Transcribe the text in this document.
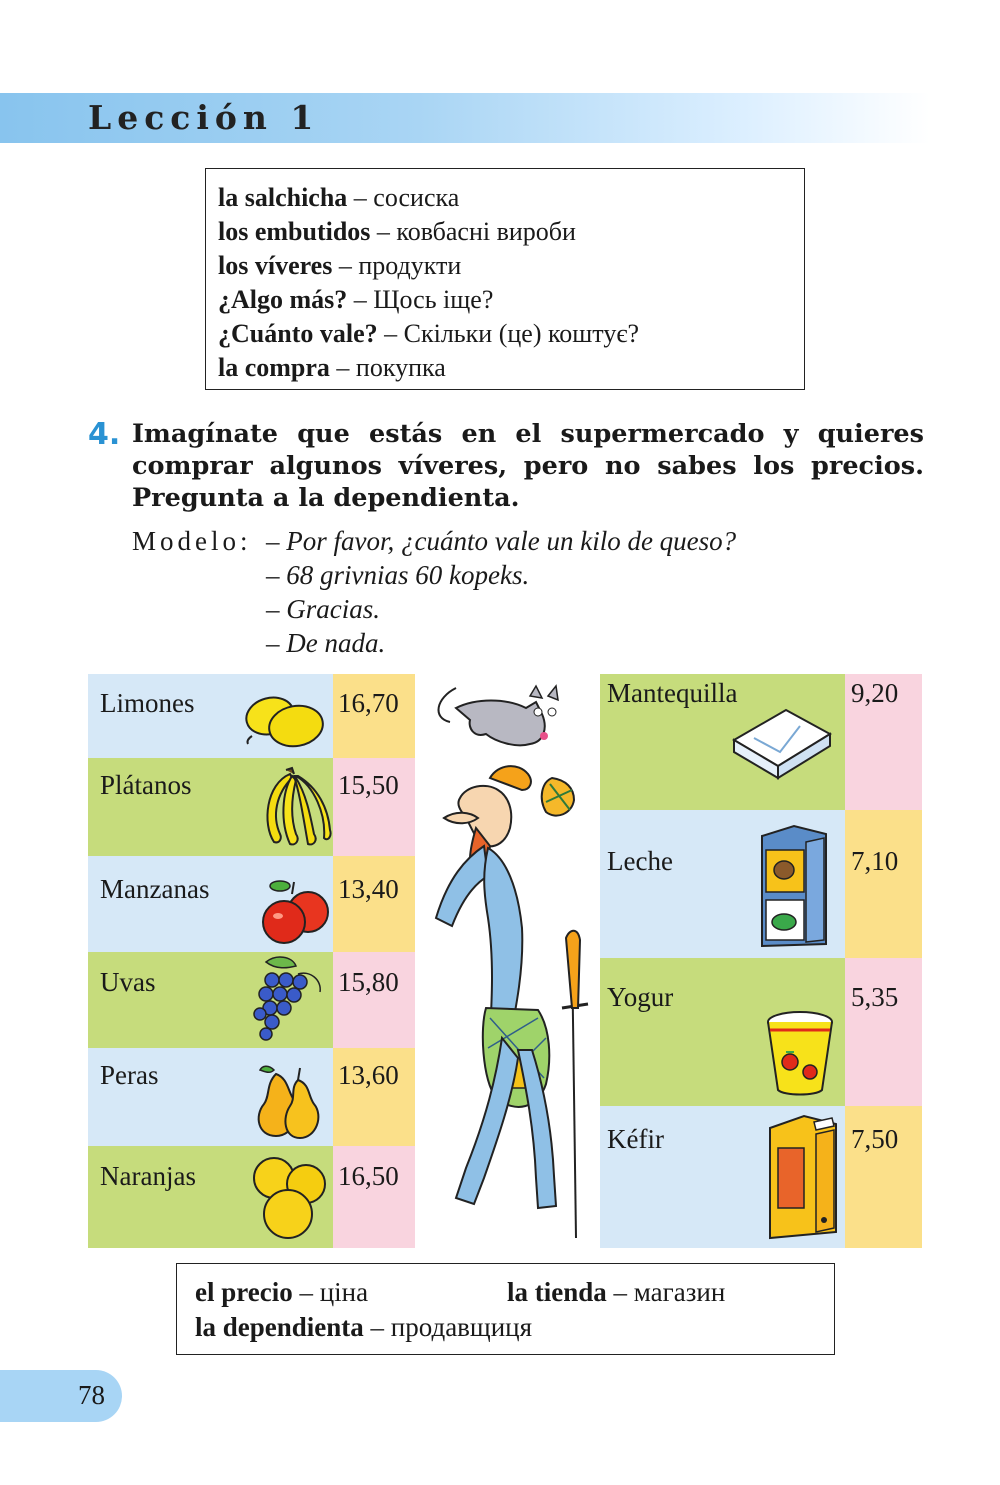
Lección 1
la salchicha – сосиска
los embutidos – ковбасні вироби
los víveres – продукти
¿Algo más? – Щось іще?
¿Cuánto vale? – Скільки (це) коштує?
la compra – покупка
4. Imagínate que estás en el supermercado y quieres
comprar algunos víveres, pero no sabes los precios.
Pregunta a la dependienta.
Modelo: – Por favor, ¿cuánto vale un kilo de queso?
– 68 grivnias 60 kopeks.
– Gracias.
– De nada.
Limones	16,70
Plátanos	15,50
Manzanas	13,40
Uvas	15,80
Peras	13,60
Naranjas	16,50
Mantequilla	9,20
Leche	7,10
Yogur	5,35
Kéfir	7,50
el precio – ціна	la tienda – магазин
la dependienta – продавщиця
78
